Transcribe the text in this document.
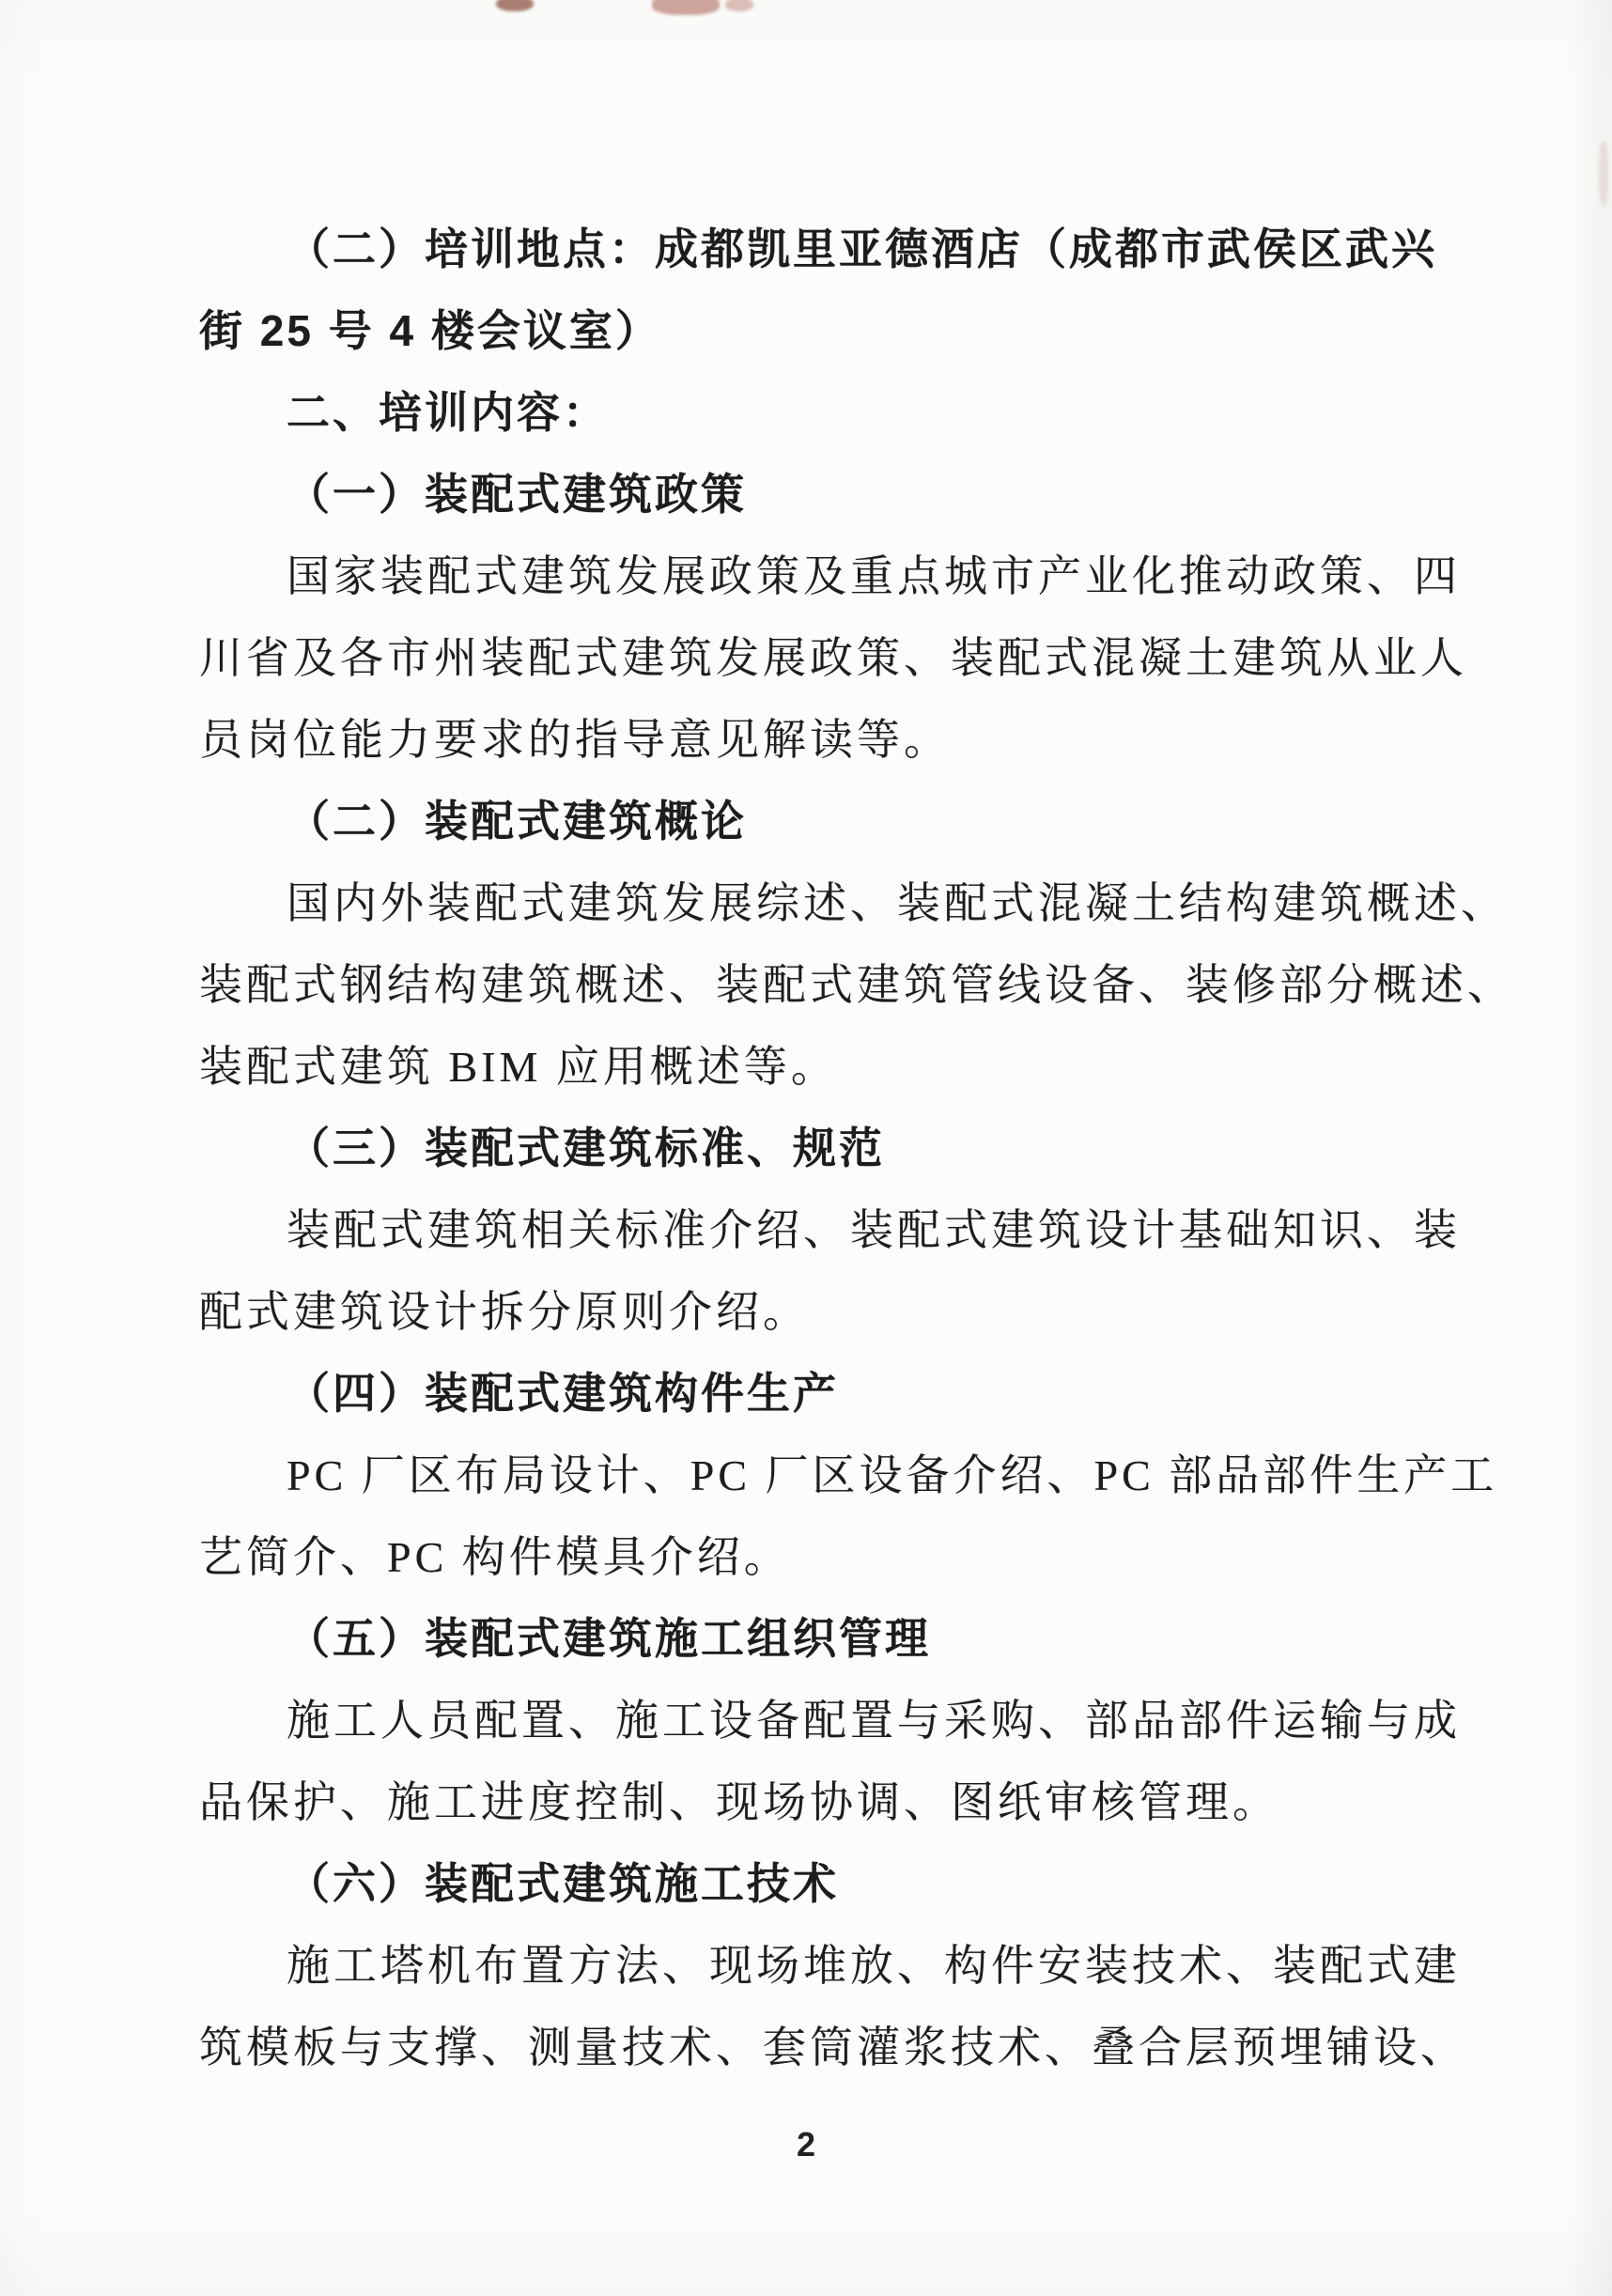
（二）培训地点：成都凯里亚德酒店（成都市武侯区武兴
街 25 号 4 楼会议室）
二、培训内容：
（一）装配式建筑政策
国家装配式建筑发展政策及重点城市产业化推动政策、四
川省及各市州装配式建筑发展政策、装配式混凝土建筑从业人
员岗位能力要求的指导意见解读等。
（二）装配式建筑概论
国内外装配式建筑发展综述、装配式混凝土结构建筑概述、
装配式钢结构建筑概述、装配式建筑管线设备、装修部分概述、
装配式建筑 BIM 应用概述等。
（三）装配式建筑标准、规范
装配式建筑相关标准介绍、装配式建筑设计基础知识、装
配式建筑设计拆分原则介绍。
（四）装配式建筑构件生产
PC 厂区布局设计、PC 厂区设备介绍、PC 部品部件生产工
艺简介、PC 构件模具介绍。
（五）装配式建筑施工组织管理
施工人员配置、施工设备配置与采购、部品部件运输与成
品保护、施工进度控制、现场协调、图纸审核管理。
（六）装配式建筑施工技术
施工塔机布置方法、现场堆放、构件安装技术、装配式建
筑模板与支撑、测量技术、套筒灌浆技术、叠合层预埋铺设、
2
